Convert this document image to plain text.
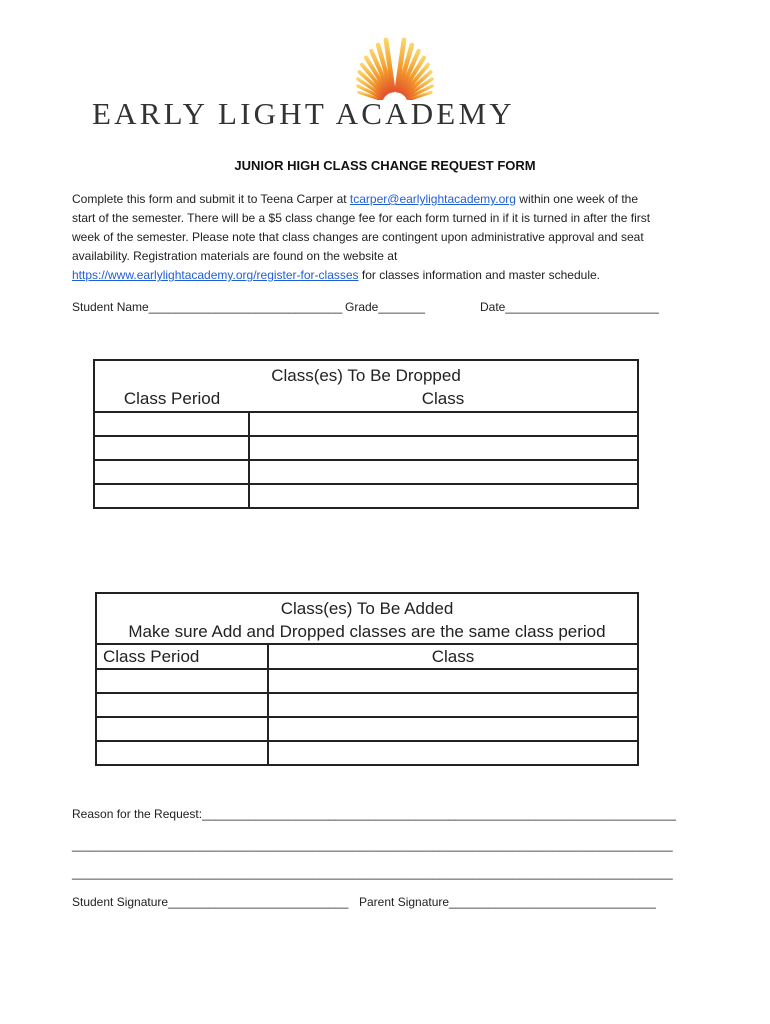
EARLY LIGHT ACADEMY
JUNIOR HIGH CLASS CHANGE REQUEST FORM
Complete this form and submit it to Teena Carper at tcarper@earlylightacademy.org within one week of the
start of the semester. There will be a $5 class change fee for each form turned in if it is turned in after the first
week of the semester. Please note that class changes are contingent upon administrative approval and seat
availability. Registration materials are found on the website at
https://www.earlylightacademy.org/register-for-classes for classes information and master schedule.
Student Name_____________________________ Grade_______	Date_______________________
Class(es) To Be Dropped	
Class Period	Class

Class(es) To Be Added	
Make sure Add and Dropped classes are the same class period	
Class Period	Class

Reason for the Request:_______________________________________________________________________
__________________________________________________________________________________________
__________________________________________________________________________________________
Student Signature___________________________ Parent Signature_______________________________
